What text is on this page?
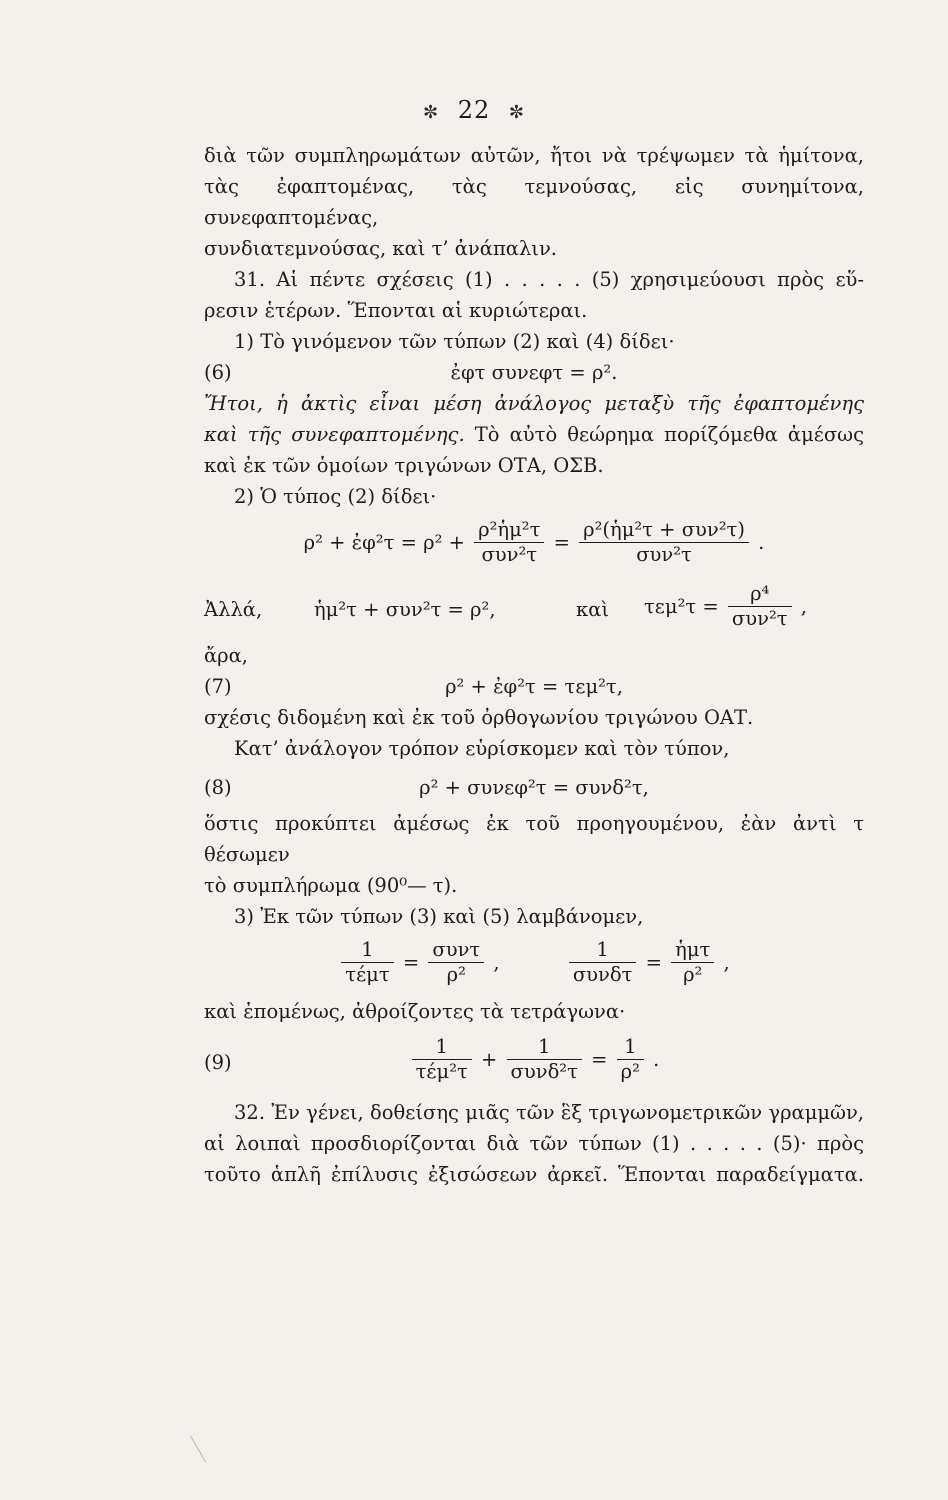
✼ 22 ✼

διὰ τῶν συμπληρωμάτων αὐτῶν, ἤτοι νὰ τρέψωμεν τὰ ἡμίτονα,

τὰς ἐφαπτομένας, τὰς τεμνούσας, εἰς συνημίτονα, συνεφαπτομένας,

συνδιατεμνούσας, καὶ τ’ ἀνάπαλιν.

31. Αἱ πέντε σχέσεις (1) . . . . . (5) χρησιμεύουσι πρὸς εὕ-

ρεσιν ἑτέρων. Ἕπονται αἱ κυριώτεραι.

1) Τὸ γινόμενον τῶν τύπων (2) καὶ (4) δίδει·

(6)	ἐφτ συνεφτ = ρ².

Ἤτοι, ἡ ἀκτὶς εἶναι μέση ἀνάλογος μεταξὺ τῆς ἐφαπτομένης

καὶ τῆς συνεφαπτομένης. Τὸ αὐτὸ θεώρημα πορίζόμεθα ἀμέσως

καὶ ἐκ τῶν ὁμοίων τριγώνων ΟΤΑ, ΟΣΒ.

2) Ὁ τύπος (2) δίδει·

ρ² + ἐφ²τ = $\rho^2 + \frac{\text{ρ²ἡμ²τ}}{\text{συν²τ}} = \frac{\text{ρ²(ἡμ²τ + συν²τ)}}{\text{συν²τ}}$ .
Ἀλλά,	ἡμ²τ + συν²τ = ρ²,	καὶ $\tau\varepsilon\mu^2\tau = \frac{\text{ρ⁴}}{\text{συν²τ}}$ ,

ἄρα,

(7)	ρ² + ἐφ²τ = τεμ²τ,

σχέσις διδομένη καὶ ἐκ τοῦ ὀρθογωνίου τριγώνου ΟΑΤ.

Κατ’ ἀνάλογον τρόπον εὑρίσκομεν καὶ τὸν τύπον,

(8)	ρ² + συνεφ²τ = συνδ²τ,

ὅστις προκύπτει ἀμέσως ἐκ τοῦ προηγουμένου, ἐὰν ἀντὶ τ θέσωμεν

τὸ συμπλήρωμα (90⁰— τ).

3) Ἐκ τῶν τύπων (3) καὶ (5) λαμβάνομεν,

$\frac{1}{\text{τέμτ}} = \frac{\text{συντ}}{\text{ρ²}}$ ,	$\frac{1}{\text{συνδτ}} = \frac{\text{ἡμτ}}{\text{ρ²}}$ ,

καὶ ἐπομένως, ἀθροίζοντες τὰ τετράγωνα·

(9)	$\frac{1}{\text{τέμ²τ}} + \frac{1}{\text{συνδ²τ}} = \frac{1}{\text{ρ²}}$ .

32. Ἐν γένει, δοθείσης μιᾶς τῶν ἓξ τριγωνομετρικῶν γραμμῶν,

αἱ λοιπαὶ προσδιορίζονται διὰ τῶν τύπων (1) . . . . . (5)· πρὸς

τοῦτο ἁπλῆ ἐπίλυσις ἐξισώσεων ἀρκεῖ. Ἕπονται παραδείγματα.
